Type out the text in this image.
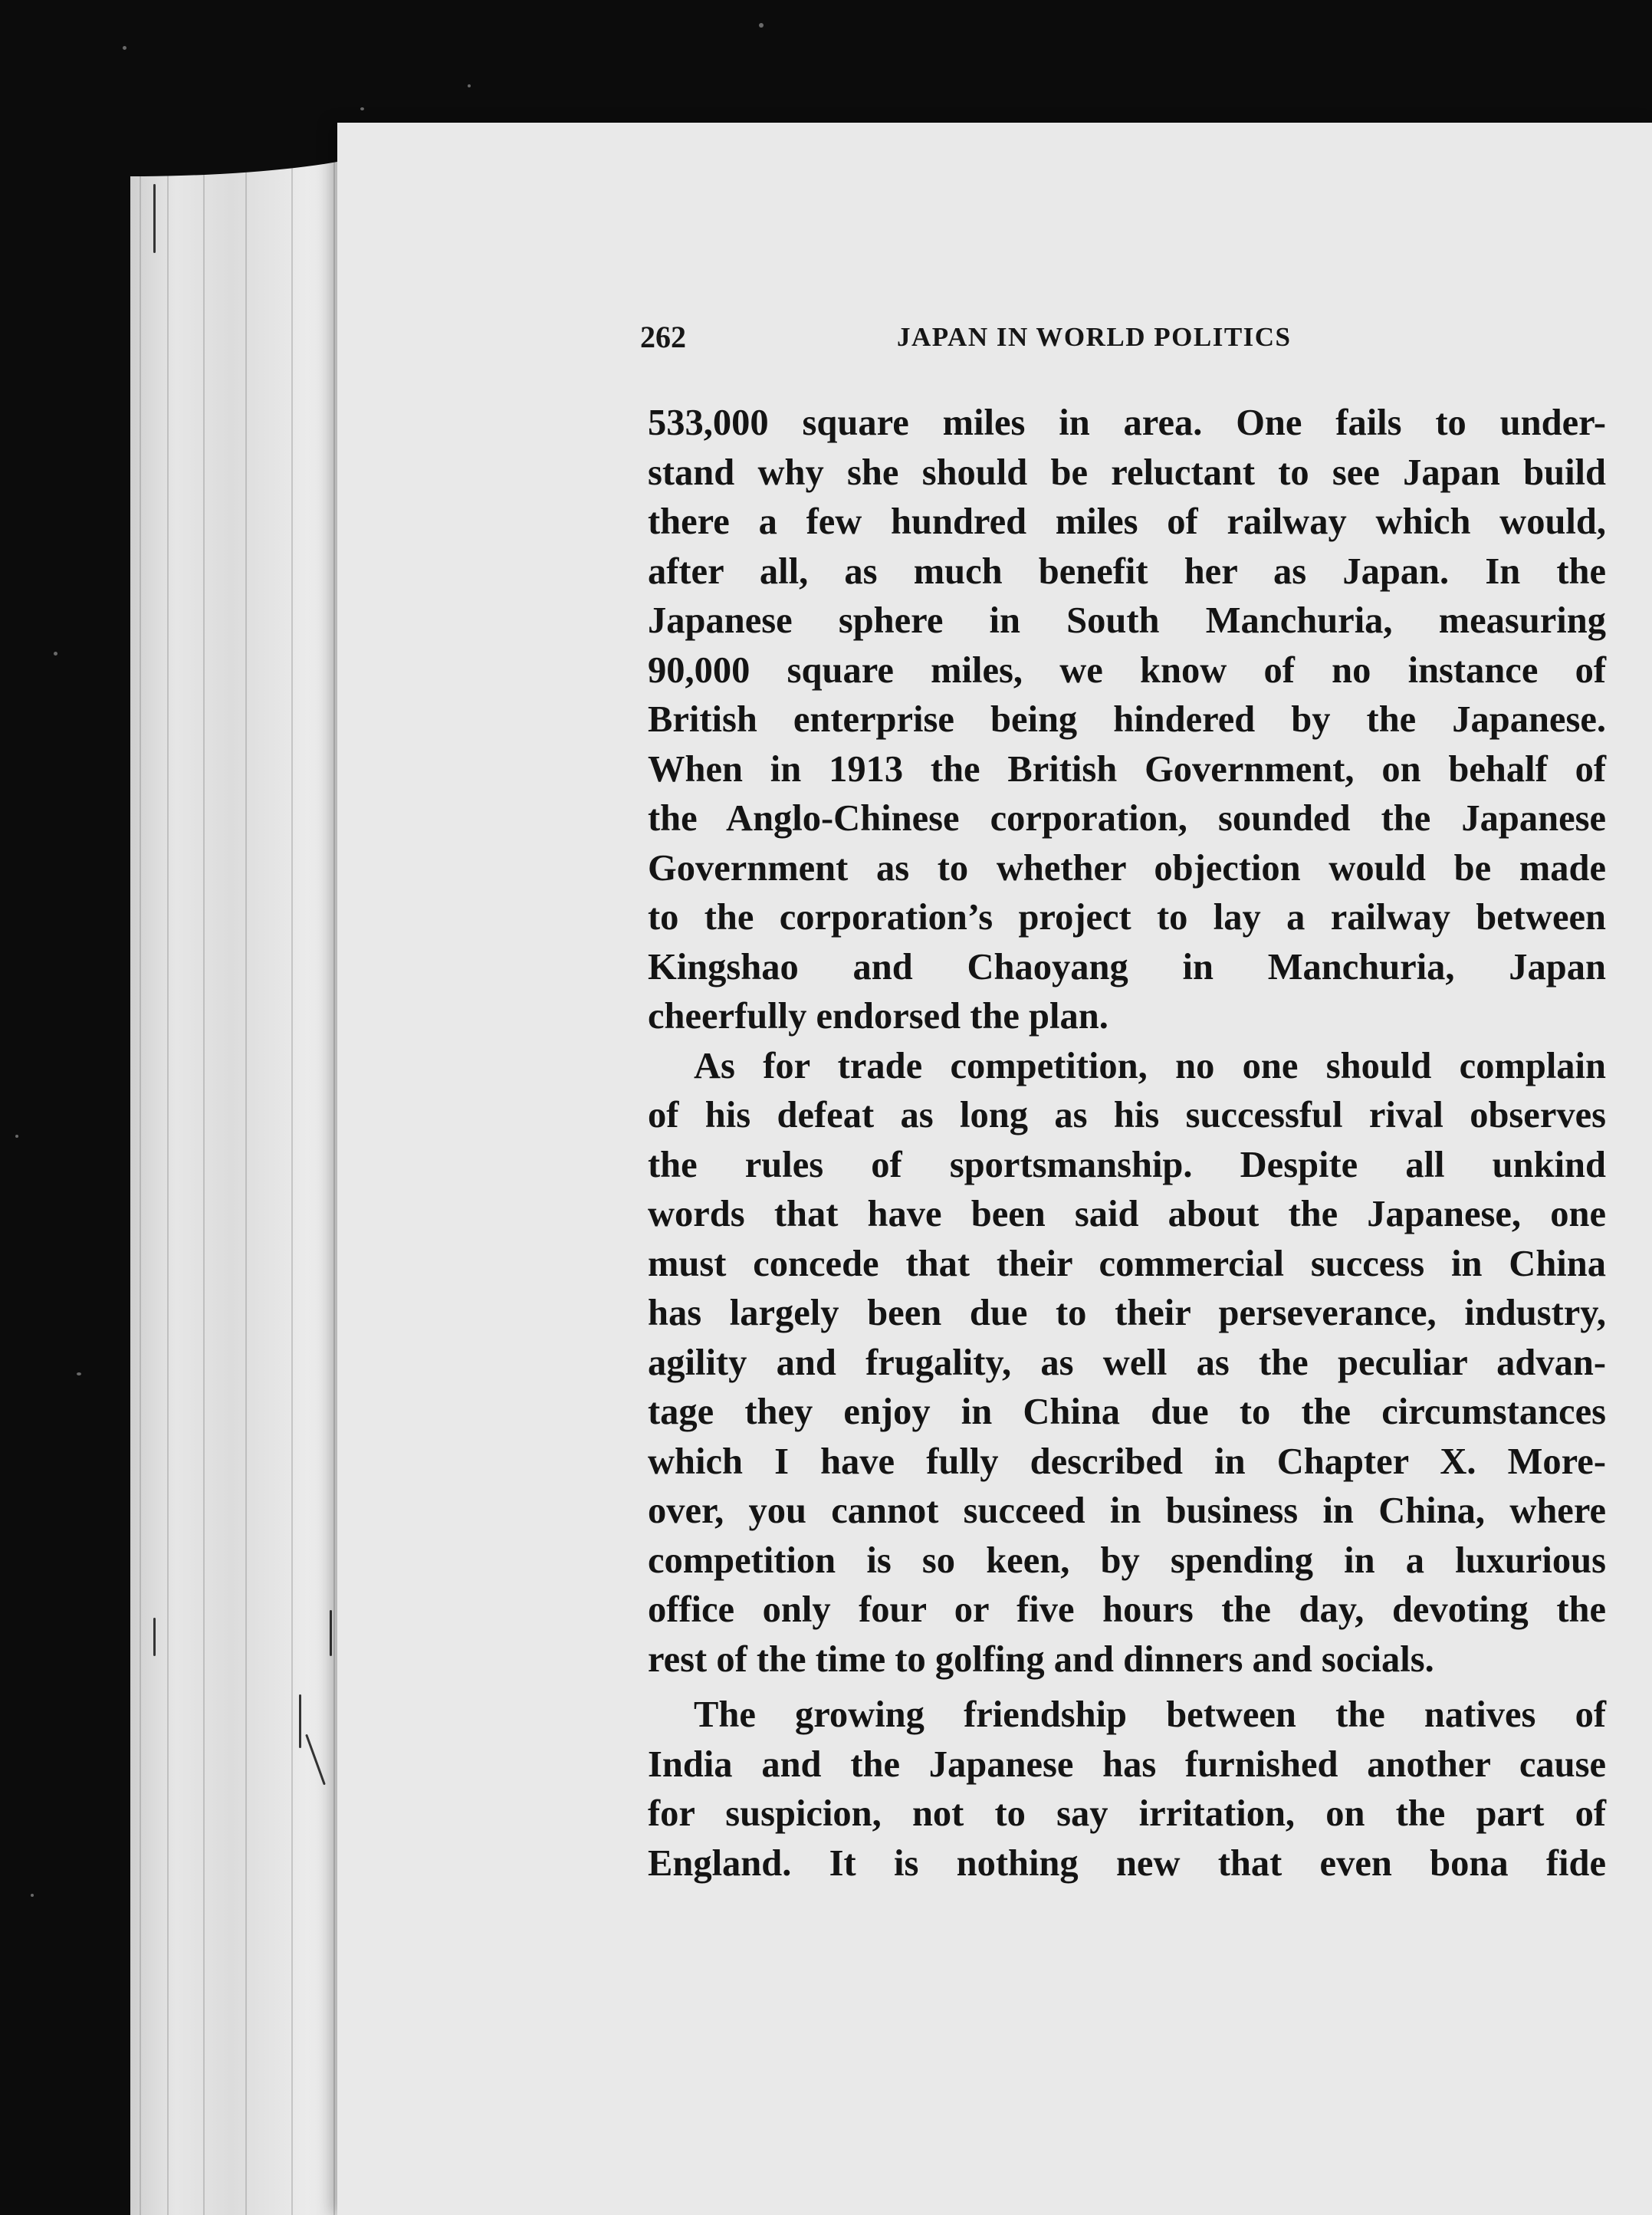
262	JAPAN IN WORLD POLITICS

533,000 square miles in area. One fails to under-
stand why she should be reluctant to see Japan build
there a few hundred miles of railway which would,
after all, as much benefit her as Japan. In the
Japanese sphere in South Manchuria, measuring
90,000 square miles, we know of no instance of
British enterprise being hindered by the Japanese.
When in 1913 the British Government, on behalf of
the Anglo-Chinese corporation, sounded the Japanese
Government as to whether objection would be made
to the corporation’s project to lay a railway between
Kingshao and Chaoyang in Manchuria, Japan
cheerfully endorsed the plan.

As for trade competition, no one should complain
of his defeat as long as his successful rival observes
the rules of sportsmanship. Despite all unkind
words that have been said about the Japanese, one
must concede that their commercial success in China
has largely been due to their perseverance, industry,
agility and frugality, as well as the peculiar advan-
tage they enjoy in China due to the circumstances
which I have fully described in Chapter X. More-
over, you cannot succeed in business in China, where
competition is so keen, by spending in a luxurious
office only four or five hours the day, devoting the
rest of the time to golfing and dinners and socials.

The growing friendship between the natives of
India and the Japanese has furnished another cause
for suspicion, not to say irritation, on the part of
England. It is nothing new that even bona fide
